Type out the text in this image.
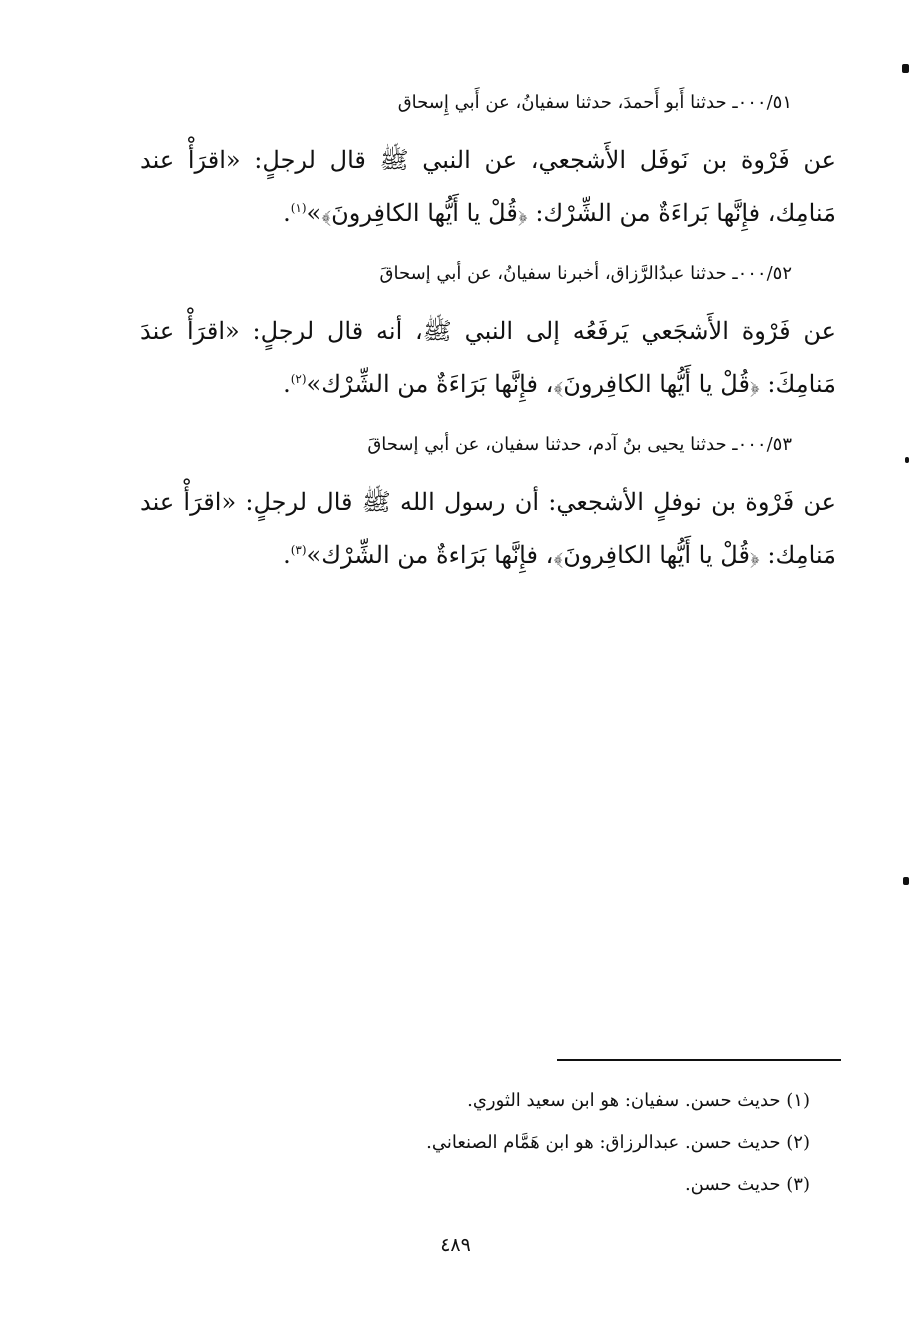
٠٠٠/٥١ـ حدثنا أَبو أَحمدَ، حدثنا سفيانُ، عن أَبي إِسحاق

عن فَرْوة بن نَوفَل الأَشجعي، عن النبي ﷺ قال لرجلٍ: «اقرَأْ عند مَنامِك، فإِنَّها بَراءَةٌ من الشِّرْك: ﴿قُلْ يا أَيُّها الكافِرونَ﴾»$^{(١)}$.

٠٠٠/٥٢ـ حدثنا عبدُالرَّزاق، أخبرنا سفيانُ، عن أبي إسحاقَ

عن فَرْوة الأَشجَعي يَرفَعُه إلى النبي ﷺ، أنه قال لرجلٍ: «اقرَأْ عندَ مَنامِكَ: ﴿قُلْ يا أَيُّها الكافِرونَ﴾، فإِنَّها بَرَاءَةٌ من الشِّرْك»$^{(٢)}$.

٠٠٠/٥٣ـ حدثنا يحيى بنُ آدم، حدثنا سفيان، عن أبي إسحاقَ

عن فَرْوة بن نوفلٍ الأشجعي: أن رسول الله ﷺ قال لرجلٍ: «اقرَأْ عند مَنامِك: ﴿قُلْ يا أَيُّها الكافِرونَ﴾، فإِنَّها بَرَاءةٌ من الشِّرْك»$^{(٣)}$.

(١) حديث حسن. سفيان: هو ابن سعيد الثوري.
(٢) حديث حسن. عبدالرزاق: هو ابن هَمَّام الصنعاني.
(٣) حديث حسن.
٤٨٩
